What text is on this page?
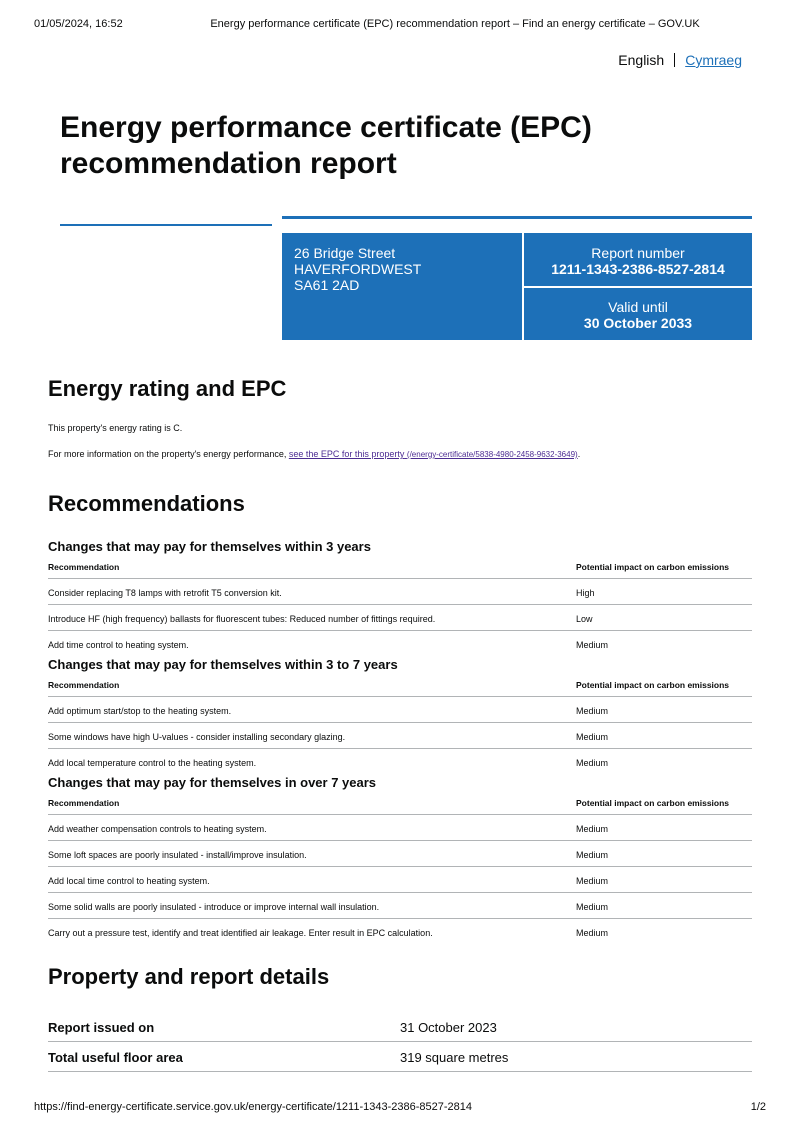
01/05/2024, 16:52	Energy performance certificate (EPC) recommendation report – Find an energy certificate – GOV.UK
English Cymraeg
Energy performance certificate (EPC) recommendation report
26 Bridge Street
HAVERFORDWEST
SA61 2AD
Report number
1211-1343-2386-8527-2814
Valid until
30 October 2033
Energy rating and EPC

This property's energy rating is C.

For more information on the property's energy performance, see the EPC for this property (/energy-certificate/5838-4980-2458-9632-3649).

Recommendations
Changes that may pay for themselves within 3 years
Recommendation	Potential impact on carbon emissions
Consider replacing T8 lamps with retrofit T5 conversion kit.	High
Introduce HF (high frequency) ballasts for fluorescent tubes: Reduced number of fittings required.	Low
Add time control to heating system.	Medium
Changes that may pay for themselves within 3 to 7 years
Recommendation	Potential impact on carbon emissions
Add optimum start/stop to the heating system.	Medium
Some windows have high U-values - consider installing secondary glazing.	Medium
Add local temperature control to the heating system.	Medium
Changes that may pay for themselves in over 7 years
Recommendation	Potential impact on carbon emissions
Add weather compensation controls to heating system.	Medium
Some loft spaces are poorly insulated - install/improve insulation.	Medium
Add local time control to heating system.	Medium
Some solid walls are poorly insulated - introduce or improve internal wall insulation.	Medium
Carry out a pressure test, identify and treat identified air leakage. Enter result in EPC calculation.	Medium
Property and report details
Report issued on	31 October 2023
Total useful floor area	319 square metres
https://find-energy-certificate.service.gov.uk/energy-certificate/1211-1343-2386-8527-2814	1/2
